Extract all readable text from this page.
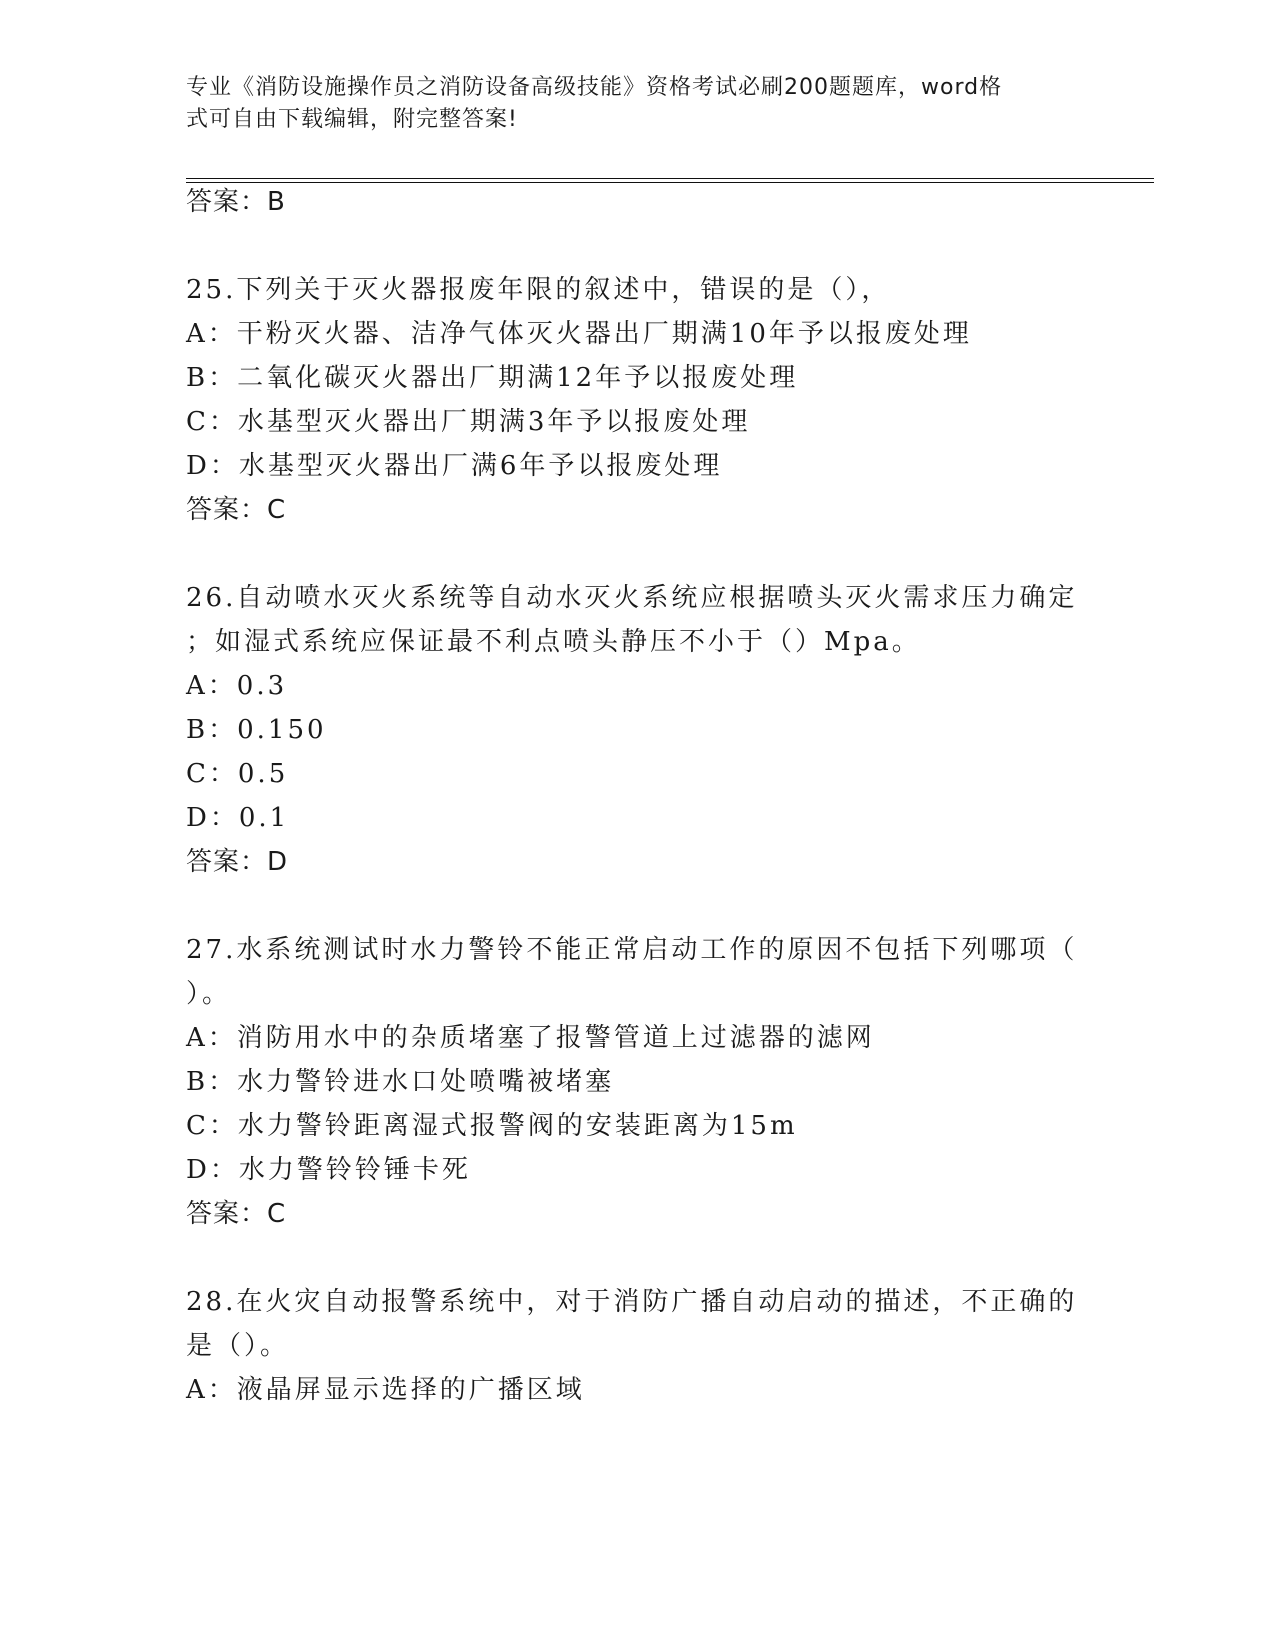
专业《消防设施操作员之消防设备高级技能》资格考试必刷200题题库，word格
式可自由下载编辑，附完整答案!
答案：B
25.下列关于灭火器报废年限的叙述中，错误的是（），
A：干粉灭火器、洁净气体灭火器出厂期满10年予以报废处理
B：二氧化碳灭火器出厂期满12年予以报废处理
C：水基型灭火器出厂期满3年予以报废处理
D：水基型灭火器出厂满6年予以报废处理
答案：C
26.自动喷水灭火系统等自动水灭火系统应根据喷头灭火需求压力确定
；如湿式系统应保证最不利点喷头静压不小于（）Mpa。
A：0.3
B：0.150
C：0.5
D：0.1
答案：D
27.水系统测试时水力警铃不能正常启动工作的原因不包括下列哪项（
）。
A：消防用水中的杂质堵塞了报警管道上过滤器的滤网
B：水力警铃进水口处喷嘴被堵塞
C：水力警铃距离湿式报警阀的安装距离为15m
D：水力警铃铃锤卡死
答案：C
28.在火灾自动报警系统中，对于消防广播自动启动的描述，不正确的
是（）。
A：液晶屏显示选择的广播区域
